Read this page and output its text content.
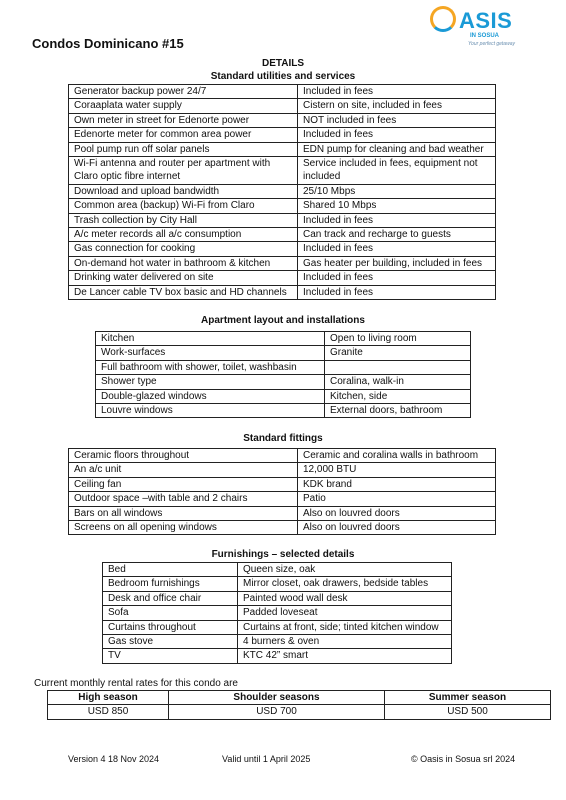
Condos Dominicano #15
ASIS
IN SOSUA
Your perfect getaway
DETAILS
Standard utilities and services
Generator backup power 24/7	Included in fees
Coraaplata water supply	Cistern on site, included in fees
Own meter in street for Edenorte power	NOT included in fees
Edenorte meter for common area power	Included in fees
Pool pump run off solar panels	EDN pump for cleaning and bad weather
Wi-Fi antenna and router per apartment with Claro optic fibre internet	Service included in fees, equipment not included
Download and upload bandwidth	25/10 Mbps
Common area (backup) Wi-Fi from Claro	Shared 10 Mbps
Trash collection by City Hall	Included in fees
A/c meter records all a/c consumption	Can track and recharge to guests
Gas connection for cooking	Included in fees
On-demand hot water in bathroom & kitchen	Gas heater per building, included in fees
Drinking water delivered on site	Included in fees
De Lancer cable TV box basic and HD channels	Included in fees
Apartment layout and installations
Kitchen	Open to living room
Work-surfaces	Granite
Full bathroom with shower, toilet, washbasin	
Shower type	Coralina, walk-in
Double-glazed windows	Kitchen, side
Louvre windows	External doors, bathroom
Standard fittings
Ceramic floors throughout	Ceramic and coralina walls in bathroom
An a/c unit	12,000 BTU
Ceiling fan	KDK brand
Outdoor space –with table and 2 chairs	Patio
Bars on all windows	Also on louvred doors
Screens on all opening windows	Also on louvred doors
Furnishings – selected details
Bed	Queen size, oak
Bedroom furnishings	Mirror closet, oak drawers, bedside tables
Desk and office chair	Painted wood wall desk
Sofa	Padded loveseat
Curtains throughout	Curtains at front, side; tinted kitchen window
Gas stove	4 burners & oven
TV	KTC 42” smart
Current monthly rental rates for this condo are
High season	Shoulder seasons	Summer season
USD 850	USD 700	USD 500
Version 4 18 Nov 2024	Valid until 1 April 2025	© Oasis in Sosua srl 2024
